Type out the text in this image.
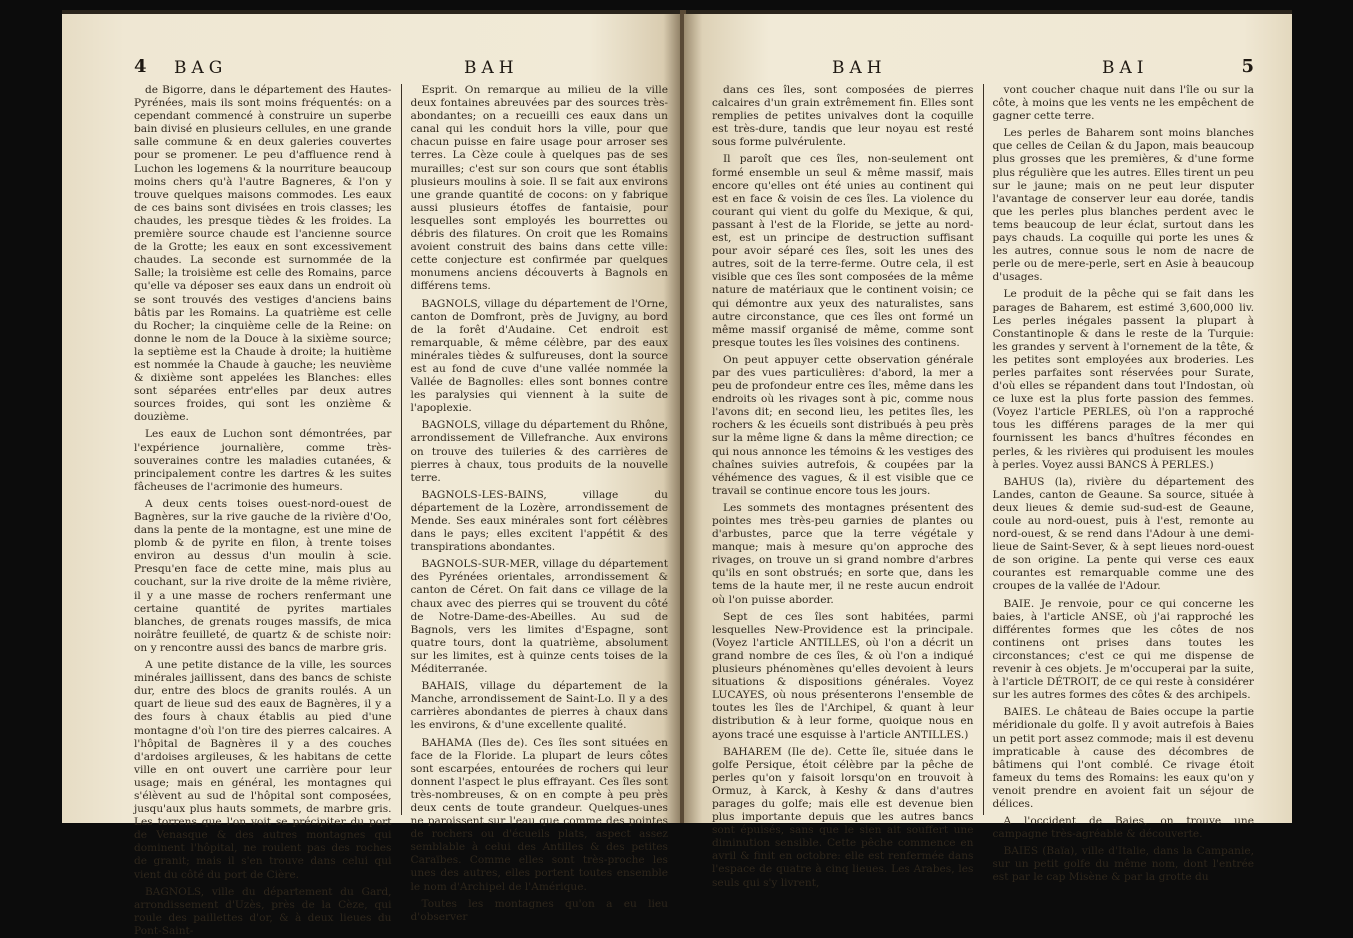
4 BAG	BAH

de Bigorre, dans le département des Hautes-Pyrénées, mais ils sont moins fréquentés: on a cependant commencé à construire un superbe bain divisé en plusieurs cellules, en une grande salle commune & en deux galeries couvertes pour se promener. Le peu d'affluence rend à Luchon les logemens & la nourriture beaucoup moins chers qu'à l'autre Bagneres, & l'on y trouve quelques maisons commodes. Les eaux de ces bains sont divisées en trois classes; les chaudes, les presque tièdes & les froides. La première source chaude est l'ancienne source de la Grotte; les eaux en sont excessivement chaudes. La seconde est surnommée de la Salle; la troisième est celle des Romains, parce qu'elle va déposer ses eaux dans un endroit où se sont trouvés des vestiges d'anciens bains bâtis par les Romains. La quatrième est celle du Rocher; la cinquième celle de la Reine: on donne le nom de la Douce à la sixième source; la septième est la Chaude à droite; la huitième est nommée la Chaude à gauche; les neuvième & dixième sont appelées les Blanches: elles sont séparées entr'elles par deux autres sources froides, qui sont les onzième & douzième.

Les eaux de Luchon sont démontrées, par l'expérience journalière, comme très-souveraines contre les maladies cutanées, & principalement contre les dartres & les suites fâcheuses de l'acrimonie des humeurs.

A deux cents toises ouest-nord-ouest de Bagnères, sur la rive gauche de la rivière d'Oo, dans la pente de la montagne, est une mine de plomb & de pyrite en filon, à trente toises environ au dessus d'un moulin à scie. Presqu'en face de cette mine, mais plus au couchant, sur la rive droite de la même rivière, il y a une masse de rochers renfermant une certaine quantité de pyrites martiales blanches, de grenats rouges massifs, de mica noirâtre feuilleté, de quartz & de schiste noir: on y rencontre aussi des bancs de marbre gris.

A une petite distance de la ville, les sources minérales jaillissent, dans des bancs de schiste dur, entre des blocs de granits roulés. A un quart de lieue sud des eaux de Bagnères, il y a des fours à chaux établis au pied d'une montagne d'où l'on tire des pierres calcaires. A l'hôpital de Bagnères il y a des couches d'ardoises argileuses, & les habitans de cette ville en ont ouvert une carrière pour leur usage; mais en général, les montagnes qui s'élèvent au sud de l'hôpital sont composées, jusqu'aux plus hauts sommets, de marbre gris. Les torrens que l'on voit se précipiter du port de Venasque & des autres montagnes qui dominent l'hôpital, ne roulent pas des roches de granit; mais il s'en trouve dans celui qui vient du côté du port de Cière.

BAGNOLS, ville du département du Gard, arrondissement d'Uzès, près de la Cèze, qui roule des paillettes d'or, & à deux lieues du Pont-Saint-

Esprit. On remarque au milieu de la ville deux fontaines abreuvées par des sources très-abondantes; on a recueilli ces eaux dans un canal qui les conduit hors la ville, pour que chacun puisse en faire usage pour arroser ses terres. La Cèze coule à quelques pas de ses murailles; c'est sur son cours que sont établis plusieurs moulins à soie. Il se fait aux environs une grande quantité de cocons: on y fabrique aussi plusieurs étoffes de fantaisie, pour lesquelles sont employés les bourrettes ou débris des filatures. On croit que les Romains avoient construit des bains dans cette ville: cette conjecture est confirmée par quelques monumens anciens découverts à Bagnols en différens tems.

BAGNOLS, village du département de l'Orne, canton de Domfront, près de Juvigny, au bord de la forêt d'Audaine. Cet endroit est remarquable, & même célèbre, par des eaux minérales tièdes & sulfureuses, dont la source est au fond de cuve d'une vallée nommée la Vallée de Bagnolles: elles sont bonnes contre les paralysies qui viennent à la suite de l'apoplexie.

BAGNOLS, village du département du Rhône, arrondissement de Villefranche. Aux environs on trouve des tuileries & des carrières de pierres à chaux, tous produits de la nouvelle terre.

BAGNOLS-LES-BAINS, village du département de la Lozère, arrondissement de Mende. Ses eaux minérales sont fort célèbres dans le pays; elles excitent l'appétit & des transpirations abondantes.

BAGNOLS-SUR-MER, village du département des Pyrénées orientales, arrondissement & canton de Céret. On fait dans ce village de la chaux avec des pierres qui se trouvent du côté de Notre-Dame-des-Abeilles. Au sud de Bagnols, vers les limites d'Espagne, sont quatre tours, dont la quatrième, absolument sur les limites, est à quinze cents toises de la Méditerranée.

BAHAIS, village du département de la Manche, arrondissement de Saint-Lo. Il y a des carrières abondantes de pierres à chaux dans les environs, & d'une excellente qualité.

BAHAMA (Iles de). Ces îles sont situées en face de la Floride. La plupart de leurs côtes sont escarpées, entourées de rochers qui leur donnent l'aspect le plus effrayant. Ces îles sont très-nombreuses, & on en compte à peu près deux cents de toute grandeur. Quelques-unes ne paroissent sur l'eau que comme des pointes de rochers ou d'écueils plats, aspect assez semblable à celui des Antilles & des petites Caraïbes. Comme elles sont très-proche les unes des autres, elles portent toutes ensemble le nom d'Archipel de l'Amérique.

Toutes les montagnes qu'on a eu lieu d'observer

BAH	BAI	5

dans ces îles, sont composées de pierres calcaires d'un grain extrêmement fin. Elles sont remplies de petites univalves dont la coquille est très-dure, tandis que leur noyau est resté sous forme pulvérulente.

Il paroît que ces îles, non-seulement ont formé ensemble un seul & même massif, mais encore qu'elles ont été unies au continent qui est en face & voisin de ces îles. La violence du courant qui vient du golfe du Mexique, & qui, passant à l'est de la Floride, se jette au nord-est, est un principe de destruction suffisant pour avoir séparé ces îles, soit les unes des autres, soit de la terre-ferme. Outre cela, il est visible que ces îles sont composées de la même nature de matériaux que le continent voisin; ce qui démontre aux yeux des naturalistes, sans autre circonstance, que ces îles ont formé un même massif organisé de même, comme sont presque toutes les îles voisines des continens.

On peut appuyer cette observation générale par des vues particulières: d'abord, la mer a peu de profondeur entre ces îles, même dans les endroits où les rivages sont à pic, comme nous l'avons dit; en second lieu, les petites îles, les rochers & les écueils sont distribués à peu près sur la même ligne & dans la même direction; ce qui nous annonce les témoins & les vestiges des chaînes suivies autrefois, & coupées par la véhémence des vagues, & il est visible que ce travail se continue encore tous les jours.

Les sommets des montagnes présentent des pointes mes très-peu garnies de plantes ou d'arbustes, parce que la terre végétale y manque; mais à mesure qu'on approche des rivages, on trouve un si grand nombre d'arbres qu'ils en sont obstrués; en sorte que, dans les tems de la haute mer, il ne reste aucun endroit où l'on puisse aborder.

Sept de ces îles sont habitées, parmi lesquelles New-Providence est la principale. (Voyez l'article ANTILLES, où l'on a décrit un grand nombre de ces îles, & où l'on a indiqué plusieurs phénomènes qu'elles devoient à leurs situations & dispositions générales. Voyez LUCAYES, où nous présenterons l'ensemble de toutes les îles de l'Archipel, & quant à leur distribution & à leur forme, quoique nous en ayons tracé une esquisse à l'article ANTILLES.)

BAHAREM (Ile de). Cette île, située dans le golfe Persique, étoit célèbre par la pêche de perles qu'on y faisoit lorsqu'on en trouvoit à Ormuz, à Karck, à Keshy & dans d'autres parages du golfe; mais elle est devenue bien plus importante depuis que les autres bancs sont épuisés, sans que le sien ait souffert une diminution sensible. Cette pêche commence en avril & finit en octobre: elle est renfermée dans l'espace de quatre à cinq lieues. Les Arabes, les seuls qui s'y livrent,

vont coucher chaque nuit dans l'île ou sur la côte, à moins que les vents ne les empêchent de gagner cette terre.

Les perles de Baharem sont moins blanches que celles de Ceilan & du Japon, mais beaucoup plus grosses que les premières, & d'une forme plus régulière que les autres. Elles tirent un peu sur le jaune; mais on ne peut leur disputer l'avantage de conserver leur eau dorée, tandis que les perles plus blanches perdent avec le tems beaucoup de leur éclat, surtout dans les pays chauds. La coquille qui porte les unes & les autres, connue sous le nom de nacre de perle ou de mere-perle, sert en Asie à beaucoup d'usages.

Le produit de la pêche qui se fait dans les parages de Baharem, est estimé 3,600,000 liv. Les perles inégales passent la plupart à Constantinople & dans le reste de la Turquie: les grandes y servent à l'ornement de la tête, & les petites sont employées aux broderies. Les perles parfaites sont réservées pour Surate, d'où elles se répandent dans tout l'Indostan, où ce luxe est la plus forte passion des femmes. (Voyez l'article PERLES, où l'on a rapproché tous les différens parages de la mer qui fournissent les bancs d'huîtres fécondes en perles, & les rivières qui produisent les moules à perles. Voyez aussi BANCS À PERLES.)

BAHUS (la), rivière du département des Landes, canton de Geaune. Sa source, située à deux lieues & demie sud-sud-est de Geaune, coule au nord-ouest, puis à l'est, remonte au nord-ouest, & se rend dans l'Adour à une demi-lieue de Saint-Sever, & à sept lieues nord-ouest de son origine. La pente qui verse ces eaux courantes est remarquable comme une des croupes de la vallée de l'Adour.

BAIE. Je renvoie, pour ce qui concerne les baies, à l'article ANSE, où j'ai rapproché les différentes formes que les côtes de nos continens ont prises dans toutes les circonstances; c'est ce qui me dispense de revenir à ces objets. Je m'occuperai par la suite, à l'article DÉTROIT, de ce qui reste à considérer sur les autres formes des côtes & des archipels.

BAIES. Le château de Baies occupe la partie méridionale du golfe. Il y avoit autrefois à Baies un petit port assez commode; mais il est devenu impraticable à cause des décombres de bâtimens qui l'ont comblé. Ce rivage étoit fameux du tems des Romains: les eaux qu'on y venoit prendre en avoient fait un séjour de délices.

A l'occident de Baies, on trouve une campagne très-agréable & découverte.

BAIES (Baïa), ville d'Italie, dans la Campanie, sur un petit golfe du même nom, dont l'entrée est par le cap Misène & par la grotte du
